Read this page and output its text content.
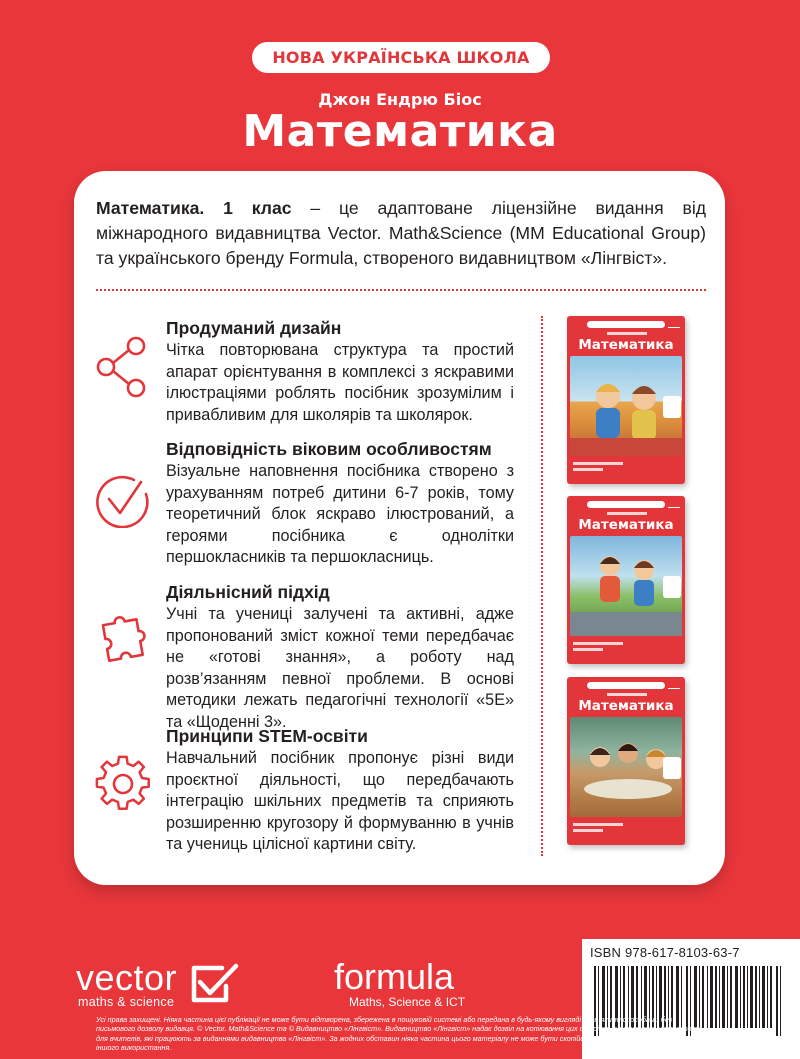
НОВА УКРАЇНСЬКА ШКОЛА
Джон Ендрю Біос
Математика
Математика. 1 клас – це адаптоване ліцензійне видання від міжнародного видавництва Vector. Math&Science (MM Educational Group) та українського бренду Formula, створеного видавництвом «Лінгвіст».
Продуманий дизайн
Чітка повторювана структура та простий апарат орієнтування в комплексі з яскравими ілюстраціями роблять посібник зрозумілим і привабливим для школярів та школярок.
Відповідність віковим особливостям
Візуальне наповнення посібника створено з урахуванням потреб дитини 6-7 років, тому теоретичний блок яскраво ілюстрований, а героями посібника є однолітки першокласників та першокласниць.
Діяльнісний підхід
Учні та учениці залучені та активні, адже пропонований зміст кожної теми передбачає не «готові знання», а роботу над розв’язанням певної проблеми. В основі методики лежать педагогічні технології «5Е» та «Щоденні 3».
Принципи STEM-освіти
Навчальний посібник пропонує різні види проєктної діяльності, що передбачають інтеграцію шкільних предметів та сприяють розширенню кругозору й формуванню в учнів та учениць цілісної картини світу.
Математика
Математика
Математика
vector
maths & science
formula
Maths, Science & ICT
ISBN 978-617-8103-63-7
Усі права захищені. Ніяка частина цієї публікації не може бути відтворена, збережена в пошуковій системі або передана в будь-якому вигляді будь-якими способами без письмового дозволу видавця. © Vector. Math&Science та © Видавництво «Лінгвіст». Видавництво «Лінгвіст» надає дозвіл на копіювання цих сторінок із позначкою «фотокопія» для вчителів, які працюють за виданнями видавництва «Лінгвіст». За жодних обставин ніяка частина цього матеріалу не може бути скопійована для перепродажу або для іншого використання.
